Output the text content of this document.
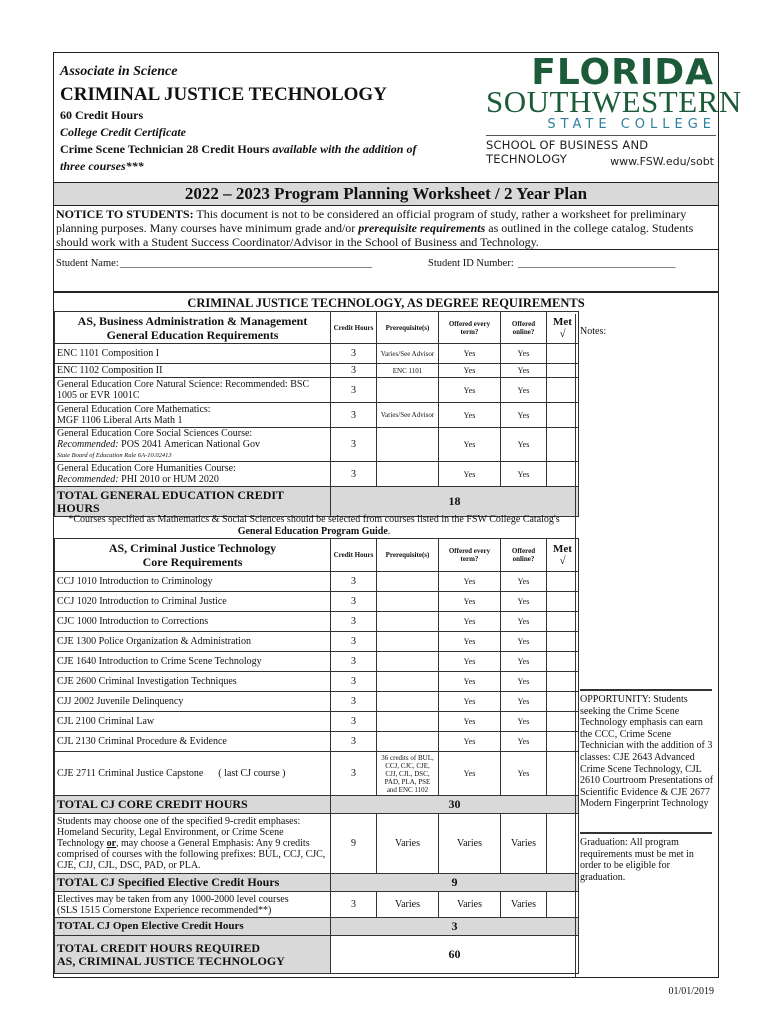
Associate in Science
CRIMINAL JUSTICE TECHNOLOGY
60 Credit Hours
College Credit Certificate
Crime Scene Technician 28 Credit Hours available with the addition of
three courses***
FLORIDA
SOUTHWESTERN
STATE COLLEGE
SCHOOL OF BUSINESS AND TECHNOLOGY	www.FSW.edu/sobt
2022 – 2023 Program Planning Worksheet / 2 Year Plan
NOTICE TO STUDENTS: This document is not to be considered an official program of study, rather a worksheet for preliminary planning purposes. Many courses have minimum grade and/or prerequisite requirements as outlined in the college catalog. Students should work with a Student Success Coordinator/Advisor in the School of Business and Technology.
Student Name: ________________________________________________	Student ID Number: ______________________________
CRIMINAL JUSTICE TECHNOLOGY, AS DEGREE REQUIREMENTS
AS, Business Administration & Management
General Education Requirements	Credit Hours	Prerequisite(s)	Offered every term?	Offered online?	Met √
ENC 1101 Composition I	3	Varies/See Advisor	Yes	Yes	
ENC 1102 Composition II	3	ENC 1101	Yes	Yes	
General Education Core Natural Science: Recommended: BSC 1005 or EVR 1001C	3		Yes	Yes	

General Education Core Mathematics:
MGF 1106 Liberal Arts Math 1	3	Varies/See Advisor	Yes	Yes	

General Education Core Social Sciences Course:
Recommended: POS 2041 American National Gov
State Board of Education Rule 6A-10.02413	3		Yes	Yes	

General Education Core Humanities Course:
Recommended: PHI 2010 or HUM 2020	3		Yes	Yes	
TOTAL GENERAL EDUCATION CREDIT HOURS	18				
*Courses specified as Mathematics & Social Sciences should be selected from courses listed in the FSW College Catalog's
General Education Program Guide.
AS, Criminal Justice Technology
Core Requirements	Credit Hours	Prerequisite(s)	Offered every term?	Offered online?	Met √
CCJ 1010 Introduction to Criminology	3		Yes	Yes	
CCJ 1020 Introduction to Criminal Justice	3		Yes	Yes	
CJC 1000 Introduction to Corrections	3		Yes	Yes	
CJE 1300 Police Organization & Administration	3		Yes	Yes	
CJE 1640 Introduction to Crime Scene Technology	3		Yes	Yes	
CJE 2600 Criminal Investigation Techniques	3		Yes	Yes	
CJJ 2002 Juvenile Delinquency	3		Yes	Yes	
CJL 2100 Criminal Law	3		Yes	Yes	
CJL 2130 Criminal Procedure & Evidence	3		Yes	Yes	
CJE 2711 Criminal Justice Capstone      ( last CJ course )	3	36 credits of BUL, CCJ, CJC, CJE, CJJ, CJL, DSC, PAD, PLA, PSE and ENC 1102	Yes	Yes	
TOTAL CJ CORE CREDIT HOURS	30				
Students may choose one of the specified 9-credit emphases: Homeland Security, Legal Environment, or Crime Scene Technology or, may choose a General Emphasis: Any 9 credits comprised of courses with the following prefixes: BUL, CCJ, CJC, CJE, CJJ, CJL, DSC, PAD, or PLA.	9	Varies	Varies	Varies	
TOTAL CJ Specified Elective Credit Hours	9				

Electives may be taken from any 1000-2000 level courses
(SLS 1515 Cornerstone Experience recommended**)	3	Varies	Varies	Varies	
TOTAL CJ Open Elective Credit Hours	3				

TOTAL CREDIT HOURS REQUIRED
AS, CRIMINAL JUSTICE TECHNOLOGY	60				
Notes:
OPPORTUNITY: Students seeking the Crime Scene Technology emphasis can earn the CCC, Crime Scene Technician with the addition of 3 classes: CJE 2643 Advanced Crime Scene Technology, CJL 2610 Courtroom Presentations of Scientific Evidence & CJE 2677 Modern Fingerprint Technology
Graduation: All program requirements must be met in order to be eligible for graduation.
01/01/2019
